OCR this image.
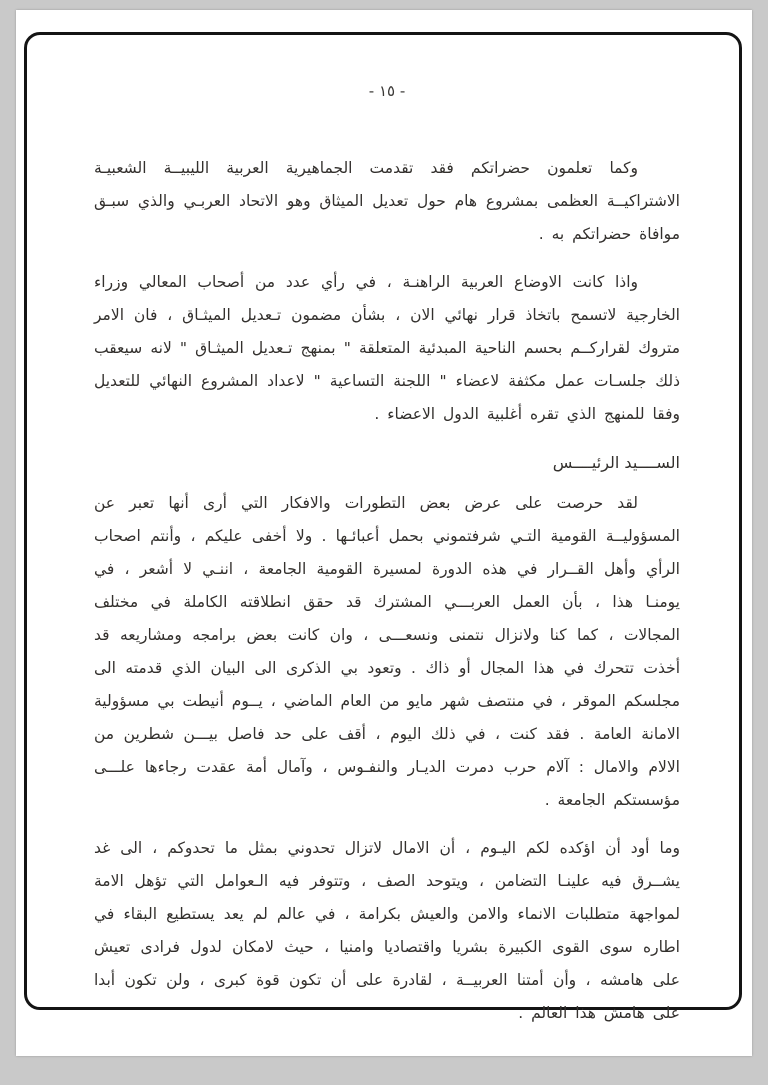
- ١٥ -

وكما تعلمون حضراتكم فقد تقدمت الجماهيرية العربية الليبيــة الشعبيـة الاشتراكيــة العظمى بمشروع هام حول تعديل الميثاق وهو الاتحاد العربـي والذي سبـق موافاة حضراتكم به .

واذا كانت الاوضاع العربية الراهنـة ، في رأي عدد من أصحاب المعالي وزراء الخارجية لاتسمح باتخاذ قرار نهائي الان ، بشأن مضمون تـعديل الميثـاق ، فان الامر متروك لقراركــم بحسم الناحية المبدئية المتعلقة " بمنهج تـعديل الميثـاق " لانه سيعقب ذلك جلسـات عمل مكثفة لاعضاء " اللجنة التساعية " لاعداد المشروع النهائي للتعديل وفقا للمنهج الذي تقره أغلبية الدول الاعضاء .

الســــيد الرئيــــس

لقد حرصت على عرض بعض التطورات والافكار التي أرى أنها تعبر عن المسؤوليــة القومية التـي شرفتموني بحمل أعبائـها . ولا أخفى عليكم ، وأنتم اصحاب الرأي وأهل القــرار في هذه الدورة لمسيرة القومية الجامعة ، اننـي لا أشعر ، في يومنـا هذا ، بأن العمل العربـــي المشترك قد حقق انطلاقته الكاملة في مختلف المجالات ، كما كنا ولانزال نتمنى ونسعـــى ، وان كانت بعض برامجه ومشاريعه قد أخذت تتحرك في هذا المجال أو ذاك . وتعود بي الذكرى الى البيان الذي قدمته الى مجلسكم الموقر ، في منتصف شهر مايو من العام الماضي ، يــوم أنيطت بي مسؤولية الامانة العامة . فقد كنت ، في ذلك اليوم ، أقف على حد فاصل بيـــن شطرين من الالام والامال : آلام حرب دمرت الديـار والنفـوس ، وآمال أمة عقدت رجاءها علـــى مؤسستكم الجامعة .

وما أود أن اؤكده لكم اليـوم ، أن الامال لاتزال تحدوني بمثل ما تحدوكم ، الى غد يشــرق فيه علينـا التضامن ، ويتوحد الصف ، وتتوفر فيه الـعوامل التي تؤهل الامة لمواجهة متطلبات الانماء والامن والعيش بكرامة ، في عالم لم يعد يستطيع البقاء في اطاره سوى القوى الكبيرة بشريا واقتصاديا وامنيا ، حيث لامكان لدول فرادى تعيش على هامشه ، وأن أمتنا العربيــة ، لقادرة على أن تكون قوة كبرى ، ولن تكون أبدا على هامش هذا العالم .
